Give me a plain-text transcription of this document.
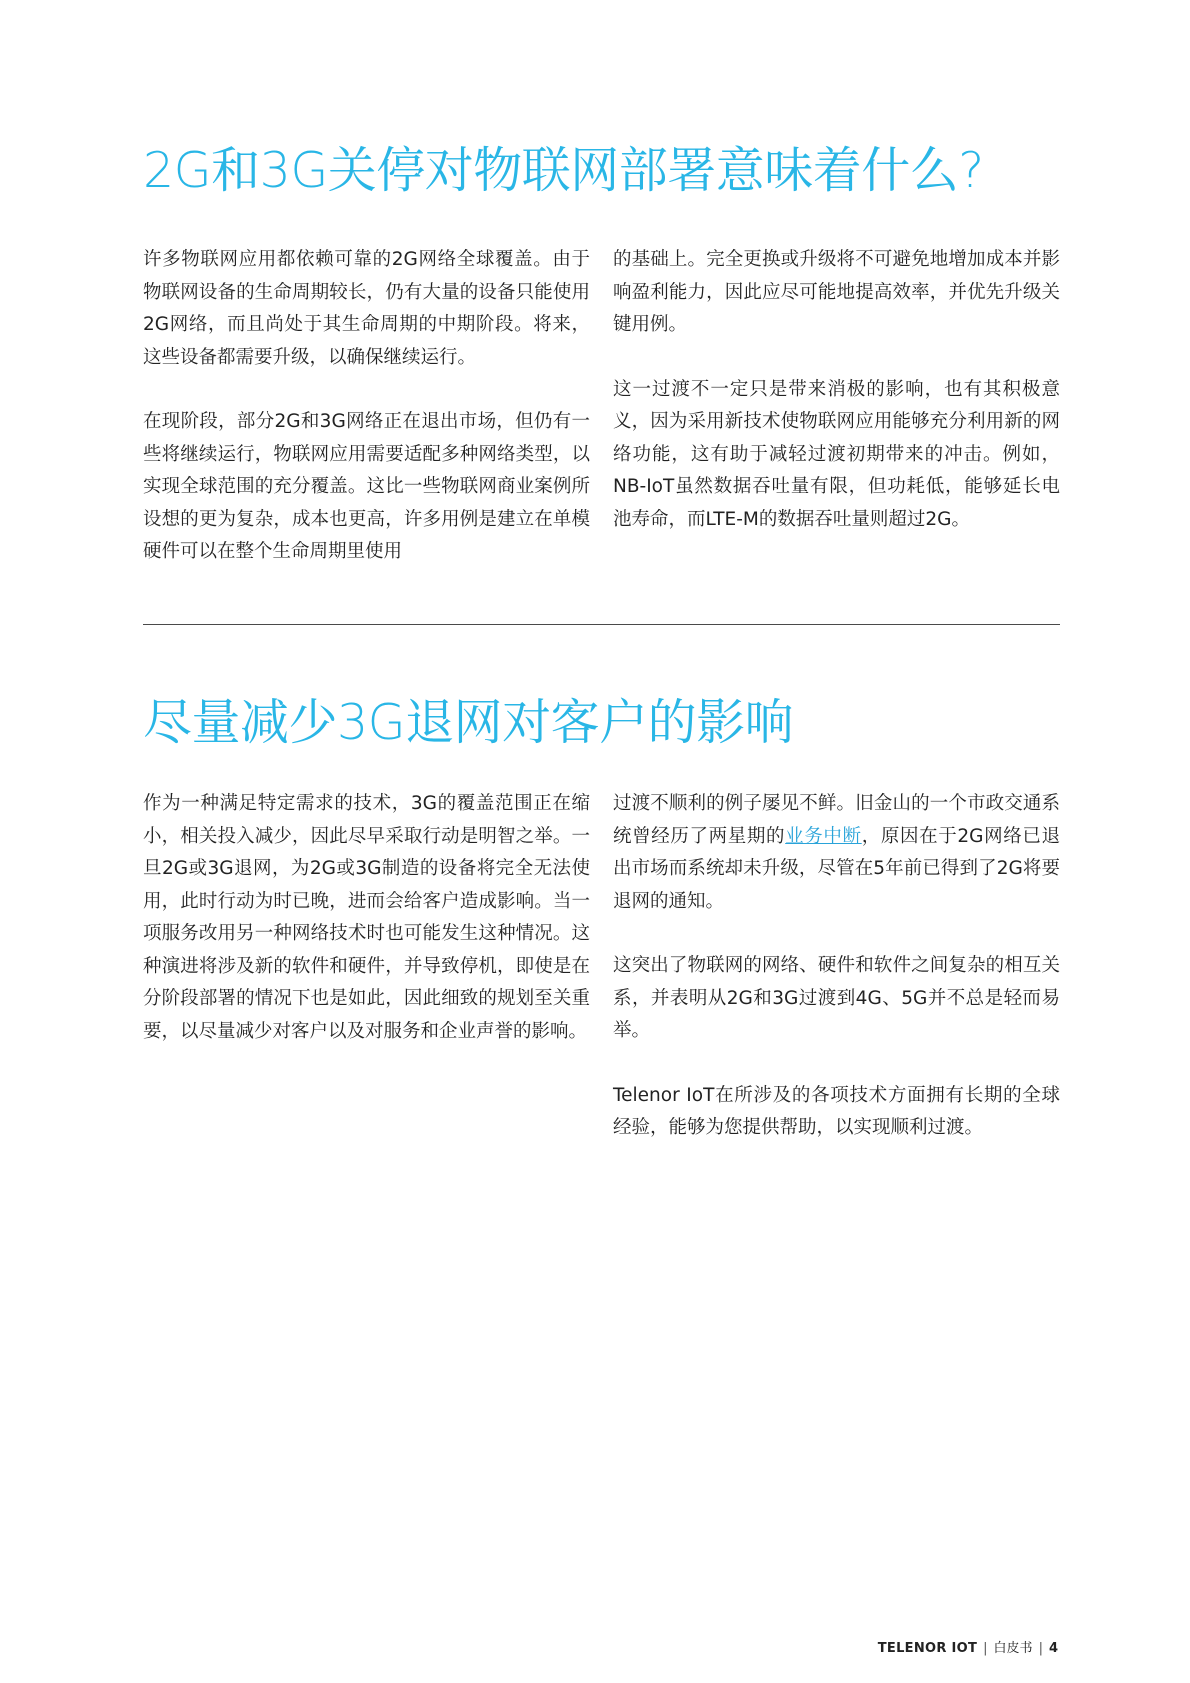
2G和3G关停对物联网部署意味着什么?

许多物联网应用都依赖可靠的2G网络全球覆盖。由于物联网设备的生命周期较长，仍有大量的设备只能使用2G网络，而且尚处于其生命周期的中期阶段。将来，这些设备都需要升级，以确保继续运行。

在现阶段，部分2G和3G网络正在退出市场，但仍有一些将继续运行，物联网应用需要适配多种网络类型，以实现全球范围的充分覆盖。这比一些物联网商业案例所设想的更为复杂，成本也更高，许多用例是建立在单模硬件可以在整个生命周期里使用

的基础上。完全更换或升级将不可避免地增加成本并影响盈利能力，因此应尽可能地提高效率，并优先升级关键用例。

这一过渡不一定只是带来消极的影响，也有其积极意义，因为采用新技术使物联网应用能够充分利用新的网络功能，这有助于减轻过渡初期带来的冲击。例如，NB-IoT虽然数据吞吐量有限，但功耗低，能够延长电池寿命，而LTE-M的数据吞吐量则超过2G。

尽量减少3G退网对客户的影响

作为一种满足特定需求的技术，3G的覆盖范围正在缩小，相关投入减少，因此尽早采取行动是明智之举。一旦2G或3G退网，为2G或3G制造的设备将完全无法使用，此时行动为时已晚，进而会给客户造成影响。当一项服务改用另一种网络技术时也可能发生这种情况。这种演进将涉及新的软件和硬件，并导致停机，即使是在分阶段部署的情况下也是如此，因此细致的规划至关重要，以尽量减少对客户以及对服务和企业声誉的影响。

过渡不顺利的例子屡见不鲜。旧金山的一个市政交通系统曾经历了两星期的业务中断，原因在于2G网络已退出市场而系统却未升级，尽管在5年前已得到了2G将要退网的通知。

这突出了物联网的网络、硬件和软件之间复杂的相互关系，并表明从2G和3G过渡到4G、5G并不总是轻而易举。

Telenor IoT在所涉及的各项技术方面拥有长期的全球经验，能够为您提供帮助，以实现顺利过渡。

TELENOR IOT | 白皮书 | 4
